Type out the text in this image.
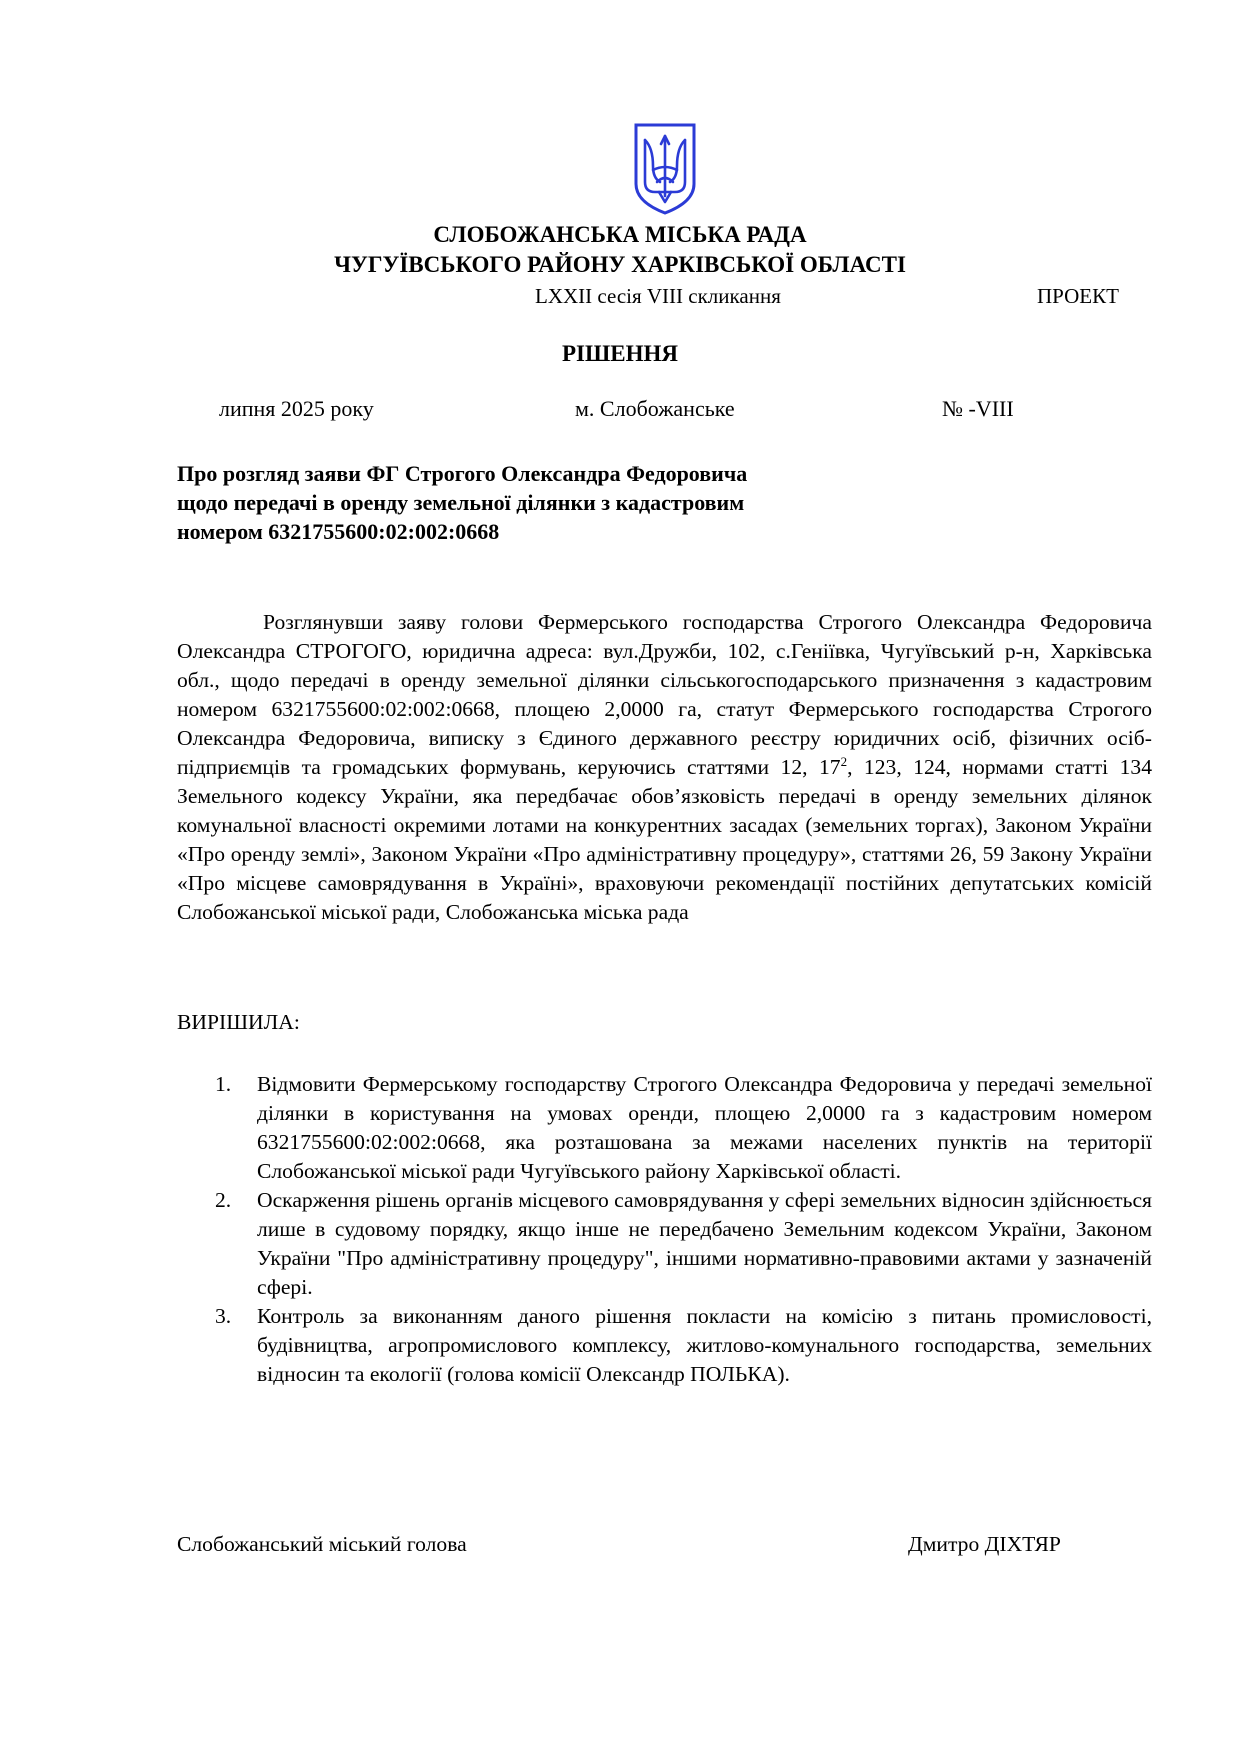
СЛОБОЖАНСЬКА МІСЬКА РАДА
ЧУГУЇВСЬКОГО РАЙОНУ ХАРКІВСЬКОЇ ОБЛАСТІ
LXXII сесія VIII скликання	ПРОЕКТ
РІШЕННЯ
липня 2025 року	м. Слобожанське	№ -VIII
Про розгляд заяви ФГ Строгого Олександра Федоровича
щодо передачі в оренду земельної ділянки з кадастровим
номером 6321755600:02:002:0668
Розглянувши заяву голови Фермерського господарства Строгого Олександра Федоровича Олександра СТРОГОГО, юридична адреса: вул.Дружби, 102, с.Геніївка, Чугуївський р-н, Харківська обл., щодо передачі в оренду земельної ділянки сільськогосподарського призначення з кадастровим номером 6321755600:02:002:0668, площею 2,0000 га, статут Фермерського господарства Строгого Олександра Федоровича, виписку з Єдиного державного реєстру юридичних осіб, фізичних осіб-підприємців та громадських формувань, керуючись статтями 12, $17^2$, 123, 124, нормами статті 134 Земельного кодексу України, яка передбачає обов’язковість передачі в оренду земельних ділянок комунальної власності окремими лотами на конкурентних засадах (земельних торгах), Законом України «Про оренду землі», Законом України «Про адміністративну процедуру», статтями 26, 59 Закону України «Про місцеве самоврядування в Україні», враховуючи рекомендації постійних депутатських комісій Слобожанської міської ради, Слобожанська міська рада
ВИРІШИЛА:
1. Відмовити Фермерському господарству Строгого Олександра Федоровича у передачі земельної ділянки в користування на умовах оренди, площею 2,0000 га з кадастровим номером 6321755600:02:002:0668, яка розташована за межами населених пунктів на території Слобожанської міської ради Чугуївського району Харківської області.
2. Оскарження рішень органів місцевого самоврядування у сфері земельних відносин здійснюється лише в судовому порядку, якщо інше не передбачено Земельним кодексом України, Законом України "Про адміністративну процедуру", іншими нормативно-правовими актами у зазначеній сфері.
3. Контроль за виконанням даного рішення покласти на комісію з питань промисловості, будівництва, агропромислового комплексу, житлово-комунального господарства, земельних відносин та екології (голова комісії Олександр ПОЛЬКА).
Слобожанський міський голова	Дмитро ДІХТЯР
